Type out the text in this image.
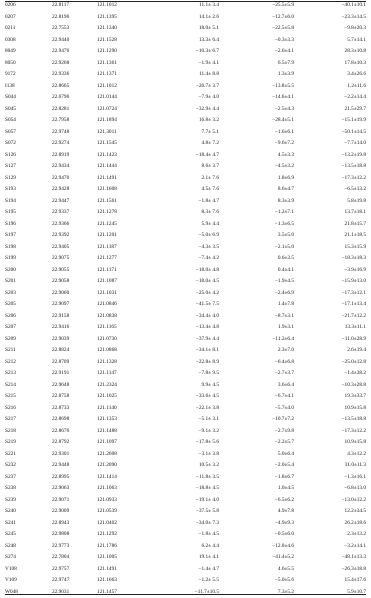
0206	22.8117	121.1012	11.1± 3.4	−25.5±5.9	−40.1±10.1
0207	22.8196	121.1395	14.1± 2.6	−12.7±6.0	−23.3±14.5
0211	22.7553	121.1340	18.0± 5.1	−22.5±5.8	−9.8±20.3
0308	22.9440	121.1528	13.3± 6.4	−0.3±3.3	5.7±14.1
8049	22.9476	121.1290	−10.3± 6.7	−2.6±4.1	28.3±10.8
8050	22.9268	121.1361	−1.9± 4.1	6.5±7.9	17.8±10.3
9172	22.9336	121.1371	11.4± 8.8	1.3±3.9	3.4±26.6
I138	22.8665	121.1012	−26.7± 3.7	−13.8±5.5	1.2±11.6
S044	22.6796	121.0144	−7.9± 4.0	−14.6±4.1	−2.2±14.4
S045	22.8281	121.0724	−32.9± 4.4	−2.5±4.3	21.5±29.7
S054	22.7958	121.1894	16.8± 3.2	−28.4±5.1	−15.1±19.9
S057	22.9748	121.3011	7.7± 5.1	−1.6±6.1	−50.1±14.5
S072	22.9274	121.1545	4.8± 7.2	−9.6±7.2	−7.7±14.0
S126	22.8919	121.1423	−18.4± 4.7	4.5±3.3	−13.2±19.8
S127	22.9434	121.1444	8.6± 3.7	−4.5±3.2	−13.5±18.8
S129	22.9470	121.1491	2.1± 7.6	1.8±6.9	−17.3±12.2
S193	22.9428	121.1608	4.5± 7.6	8.6±4.7	−6.5±13.2
S194	22.9447	121.1561	−1.8± 4.7	8.3±3.9	5.8±19.8
S195	22.9337	121.1278	8.3± 7.6	−1.2±7.1	13.7±18.1
S196	22.9366	121.1245	5.9± 4.4	−1.3±6.5	21.8±15.7
S197	22.9392	121.1201	−5.0± 6.9	3.5±5.0	21.1±18.5
S198	22.9405	121.1187	−4.3± 3.5	−2.1±5.0	15.3±15.9
S199	22.9075	121.1277	−7.4± 4.2	0.6±3.5	−18.3±18.3
S200	22.9055	121.1171	−18.0± 4.8	0.4±4.1	−3.9±16.9
S201	22.9058	121.1087	−18.0± 4.5	−1.9±4.5	−15.9±13.0
S203	22.9060	121.1031	−25.0± 4.2	−2.4±6.9	−17.3±12.1
S205	22.9097	121.0846	−41.5± 7.5	1.4±7.8	−17.1±13.4
S206	22.9158	121.0838	−34.4± 4.0	−8.7±3.1	−21.7±12.2
S207	22.9416	121.1165	−13.4± 4.8	1.9±3.1	13.3±11.1
S209	22.9039	121.0730	−37.9± 4.4	−11.2±6.4	−11.0±28.9
S211	22.8824	121.0868	−34.1± 8.1	2.3±7.0	2.6±19.4
S212	22.8709	121.1328	−22.8± 8.9	−6.4±6.8	−25.0±12.8
S213	22.9191	121.1147	−7.8± 9.5	−2.7±3.7	−1.4±38.2
S214	22.9648	121.2324	9.9± 4.5	3.6±6.4	−10.3±28.8
S215	22.8758	121.1025	−33.6± 4.5	−6.7±4.1	19.3±33.7
S216	22.8733	121.1140	−22.1± 3.8	−5.7±4.0	10.9±15.8
S217	22.8698	121.1353	−5.1± 3.1	−10.7±7.2	−13.5±18.8
S218	22.8676	121.1488	−9.1± 3.2	−2.7±9.8	−17.3±12.2
S219	22.8792	121.1097	−17.8± 5.6	−2.2±5.7	10.9±15.8
S221	22.9301	121.2608	−3.1± 3.8	5.0±6.4	4.3±12.2
S232	22.9448	121.2090	10.5± 3.2	−2.0±5.4	31.0±11.3
S237	22.8995	121.1414	−11.8± 3.5	−1.8±6.7	−1.3±16.1
S238	22.9063	121.1063	−18.8± 4.5	1.0±4.5	−6.8±13.0
S239	22.9071	121.0933	−19.1± 4.0	−6.5±6.2	−13.0±12.2
S240	22.9009	121.0539	−37.5± 5.8	4.9±7.8	12.2±34.5
S241	22.8943	121.0402	−34.0± 7.3	−4.9±9.3	26.2±18.6
S245	22.9808	121.1292	−1.8± 4.5	−0.5±6.0	2.3±13.2
S248	22.9773	121.1786	6.2± 4.4	−12.0±4.6	−3.2±14.1
S274	22.7804	121.1005	19.1± 4.1	−41.4±5.2	−48.1±13.3
V108	22.9757	121.1491	−1.4± 4.7	4.6±5.5	−26.3±18.8
V109	22.9747	121.1663	−1.2± 5.5	−5.0±5.6	15.4±17.6
W048	22.9031	121.1457	−11.7±10.5	7.3±5.2	5.9±10.7
